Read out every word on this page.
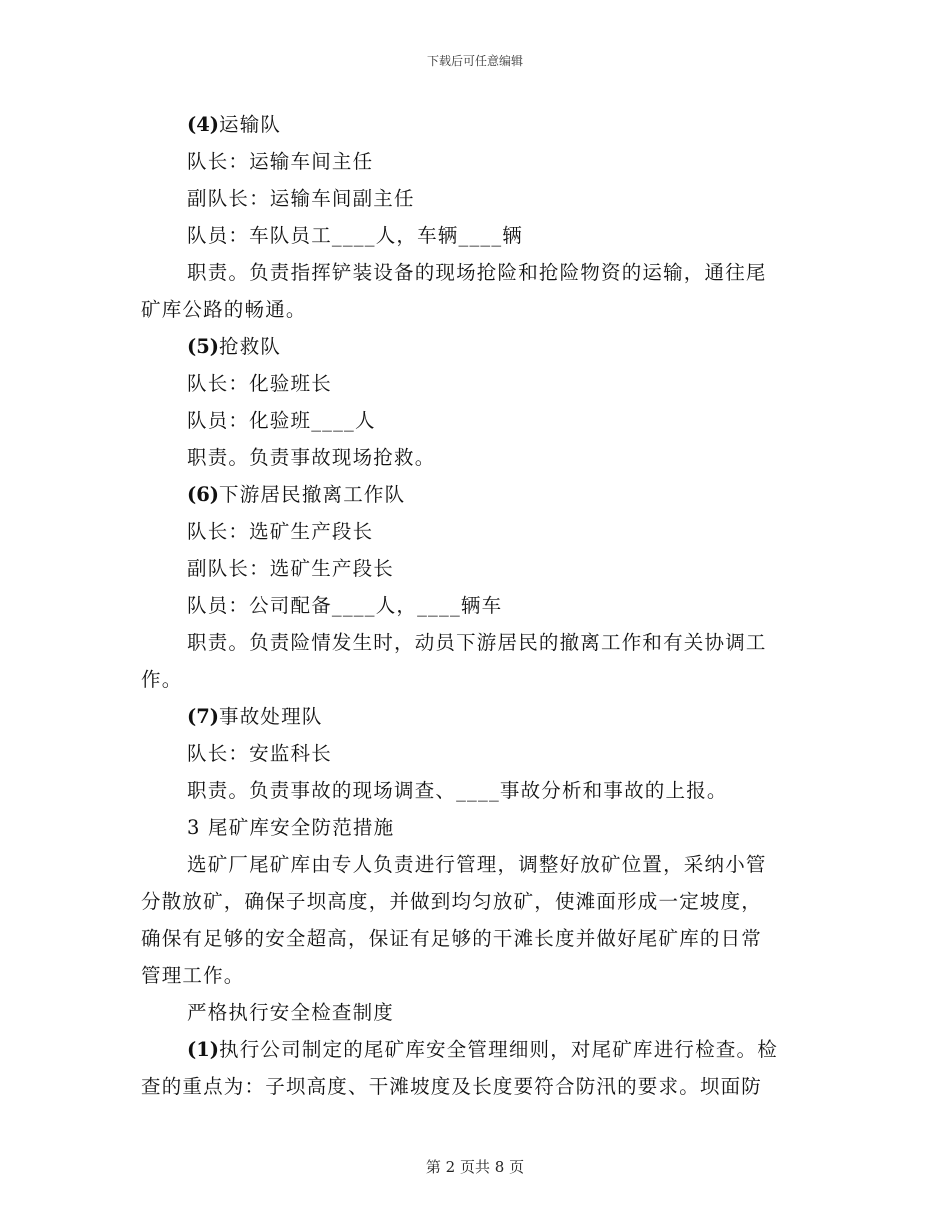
下载后可任意编辑
(4)运输队
队长：运输车间主任
副队长：运输车间副主任
队员：车队员工____人，车辆____辆
职责。负责指挥铲装设备的现场抢险和抢险物资的运输，通往尾
矿库公路的畅通。
(5)抢救队
队长：化验班长
队员：化验班____人
职责。负责事故现场抢救。
(6)下游居民撤离工作队
队长：选矿生产段长
副队长：选矿生产段长
队员：公司配备____人，____辆车
职责。负责险情发生时，动员下游居民的撤离工作和有关协调工
作。
(7)事故处理队
队长：安监科长
职责。负责事故的现场调查、____事故分析和事故的上报。
3 尾矿库安全防范措施
选矿厂尾矿库由专人负责进行管理，调整好放矿位置，采纳小管
分散放矿，确保子坝高度，并做到均匀放矿，使滩面形成一定坡度，
确保有足够的安全超高，保证有足够的干滩长度并做好尾矿库的日常
管理工作。
严格执行安全检查制度
(1)执行公司制定的尾矿库安全管理细则，对尾矿库进行检查。检
查的重点为：子坝高度、干滩坡度及长度要符合防汛的要求。坝面防
第 2 页共 8 页
